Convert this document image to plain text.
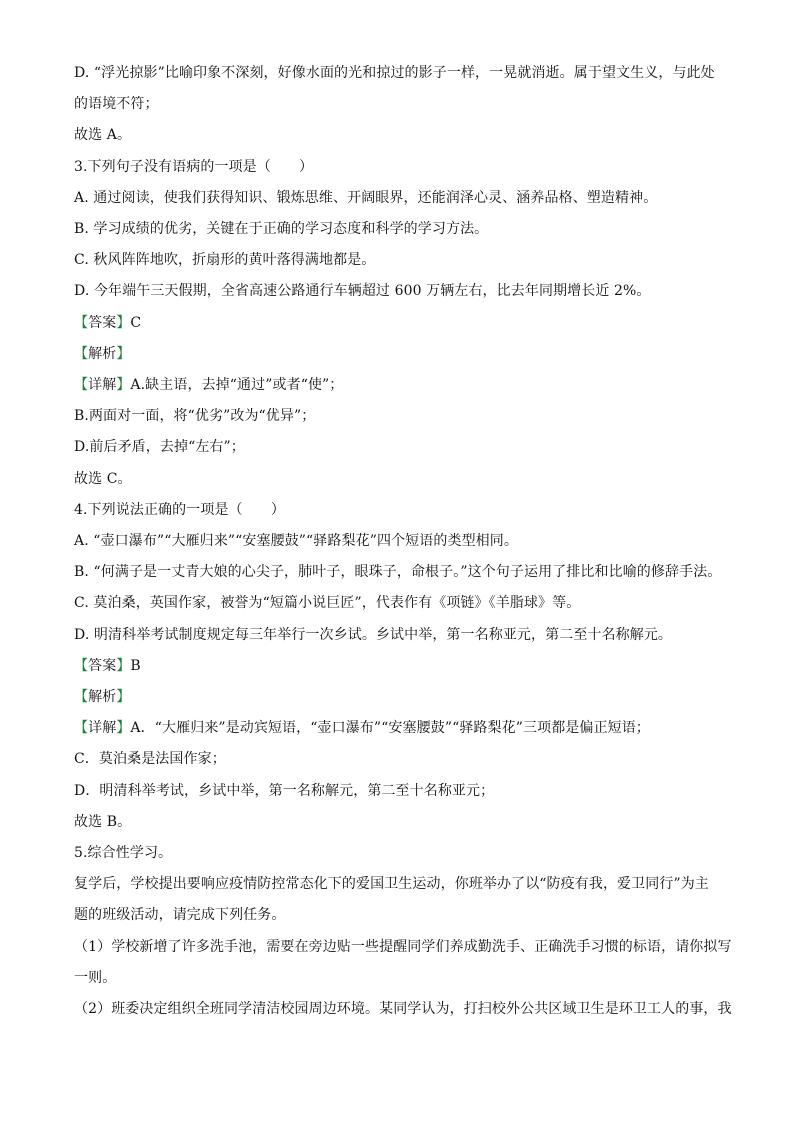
D. “浮光掠影”比喻印象不深刻，好像水面的光和掠过的影子一样，一晃就消逝。属于望文生义，与此处
的语境不符；
故选 A。
3.下列句子没有语病的一项是（　　）
A. 通过阅读，使我们获得知识、锻炼思维、开阔眼界，还能润泽心灵、涵养品格、塑造精神。
B. 学习成绩的优劣，关键在于正确的学习态度和科学的学习方法。
C. 秋风阵阵地吹，折扇形的黄叶落得满地都是。
D. 今年端午三天假期，全省高速公路通行车辆超过 600 万辆左右，比去年同期增长近 2%。
【答案】C
【解析】
【详解】A.缺主语，去掉“通过”或者“使”；
B.两面对一面，将“优劣”改为“优异”；
D.前后矛盾，去掉“左右”；
故选 C。
4.下列说法正确的一项是（　　）
A. “壶口瀑布”“大雁归来”“安塞腰鼓”“驿路梨花”四个短语的类型相同。
B. “何满子是一丈青大娘的心尖子，肺叶子，眼珠子，命根子。”这个句子运用了排比和比喻的修辞手法。
C. 莫泊桑，英国作家，被誉为“短篇小说巨匠”，代表作有《项链》《羊脂球》等。
D. 明清科举考试制度规定每三年举行一次乡试。乡试中举，第一名称亚元，第二至十名称解元。
【答案】B
【解析】
【详解】A．“大雁归来”是动宾短语，“壶口瀑布”“安塞腰鼓”“驿路梨花”三项都是偏正短语；
C．莫泊桑是法国作家；
D．明清科举考试，乡试中举，第一名称解元，第二至十名称亚元；
故选 B。
5.综合性学习。
复学后，学校提出要响应疫情防控常态化下的爱国卫生运动，你班举办了以“防疫有我，爱卫同行”为主
题的班级活动，请完成下列任务。
（1）学校新增了许多洗手池，需要在旁边贴一些提醒同学们养成勤洗手、正确洗手习惯的标语，请你拟写
一则。
（2）班委决定组织全班同学清洁校园周边环境。某同学认为，打扫校外公共区域卫生是环卫工人的事，我
